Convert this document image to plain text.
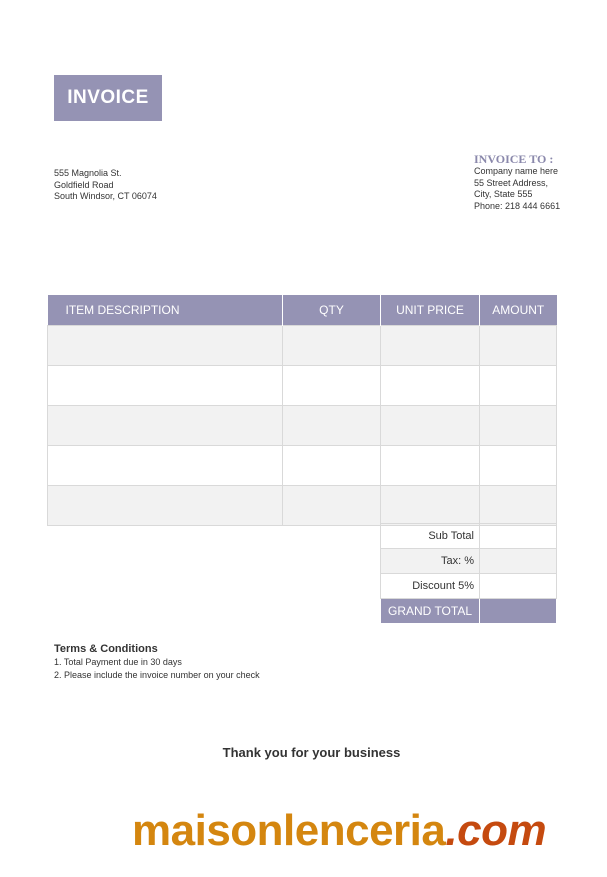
INVOICE
555 Magnolia St.
Goldfield Road
South Windsor, CT 06074
INVOICE TO :
Company name here
55 Street Address,
City, State 555
Phone: 218 444 6661
ITEM DESCRIPTION	QTY	UNIT PRICE	AMOUNT

Sub Total	
Tax: %	
Discount 5%	
GRAND TOTAL	
Terms & Conditions
1. Total Payment due in 30 days
2. Please include the invoice number on your check
Thank you for your business
maisonlenceria.com
